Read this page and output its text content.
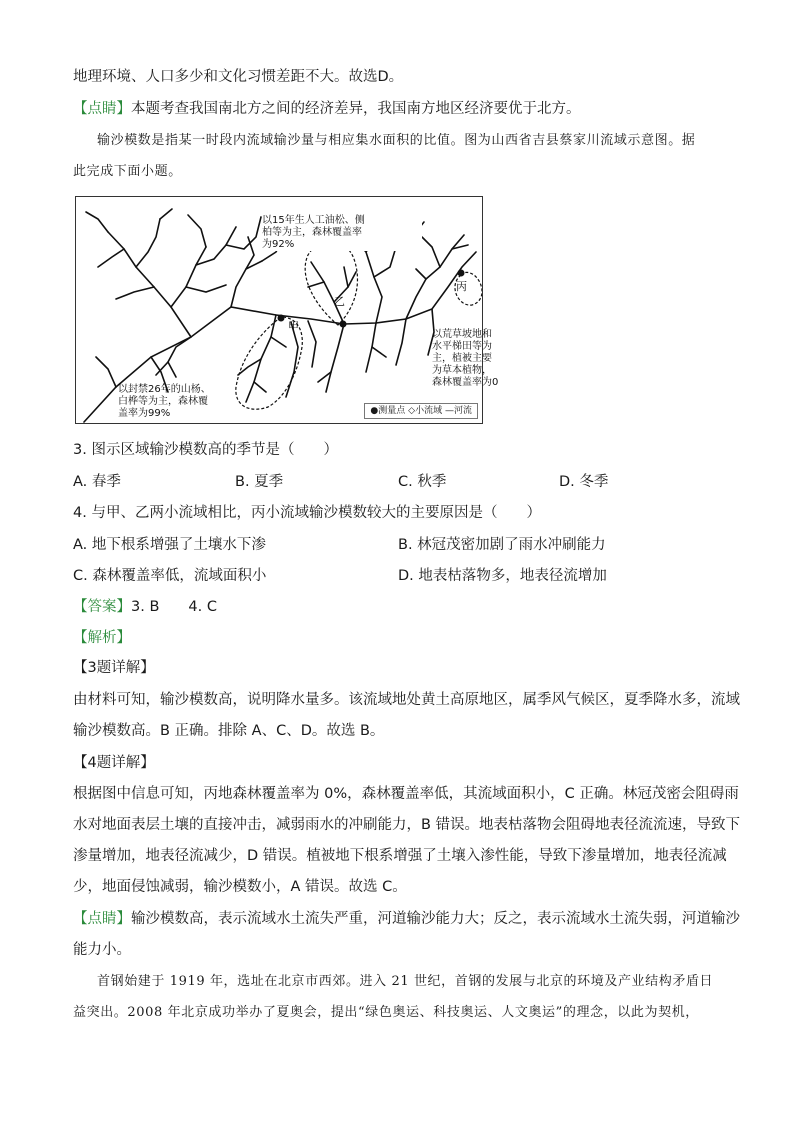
地理环境、人口多少和文化习惯差距不大。故选D。
【点睛】本题考查我国南北方之间的经济差异，我国南方地区经济要优于北方。
输沙模数是指某一时段内流域输沙量与相应集水面积的比值。图为山西省吉县蔡家川流域示意图。据
此完成下面小题。
以15年生人工油松、侧
柏等为主，森林覆盖率
为92%
以封禁26年的山杨、
白桦等为主，森林覆
盖率为99%
以荒草坡地和
水平梯田等为
主，植被主要
为草本植物，
森林覆盖率为0
甲
乙
丙
●测量点 ◇小流域 —河流
3. 图示区域输沙模数高的季节是（　　）
A. 春季	B. 夏季	C. 秋季	D. 冬季
4. 与甲、乙两小流域相比，丙小流域输沙模数较大的主要原因是（　　）
A. 地下根系增强了土壤水下渗	B. 林冠茂密加剧了雨水冲刷能力
C. 森林覆盖率低，流域面积小	D. 地表枯落物多，地表径流增加
【答案】3. B　　4. C
【解析】
【3题详解】
由材料可知，输沙模数高，说明降水量多。该流域地处黄土高原地区，属季风气候区，夏季降水多，流域
输沙模数高。B 正确。排除 A、C、D。故选 B。
【4题详解】
根据图中信息可知，丙地森林覆盖率为 0%，森林覆盖率低，其流域面积小，C 正确。林冠茂密会阻碍雨
水对地面表层土壤的直接冲击，减弱雨水的冲刷能力，B 错误。地表枯落物会阻碍地表径流流速，导致下
渗量增加，地表径流减少，D 错误。植被地下根系增强了土壤入渗性能，导致下渗量增加，地表径流减
少，地面侵蚀减弱，输沙模数小，A 错误。故选 C。
【点睛】输沙模数高，表示流域水土流失严重，河道输沙能力大；反之，表示流域水土流失弱，河道输沙
能力小。
首钢始建于 1919 年，选址在北京市西郊。进入 21 世纪，首钢的发展与北京的环境及产业结构矛盾日
益突出。2008 年北京成功举办了夏奥会，提出“绿色奥运、科技奥运、人文奥运”的理念，以此为契机，
